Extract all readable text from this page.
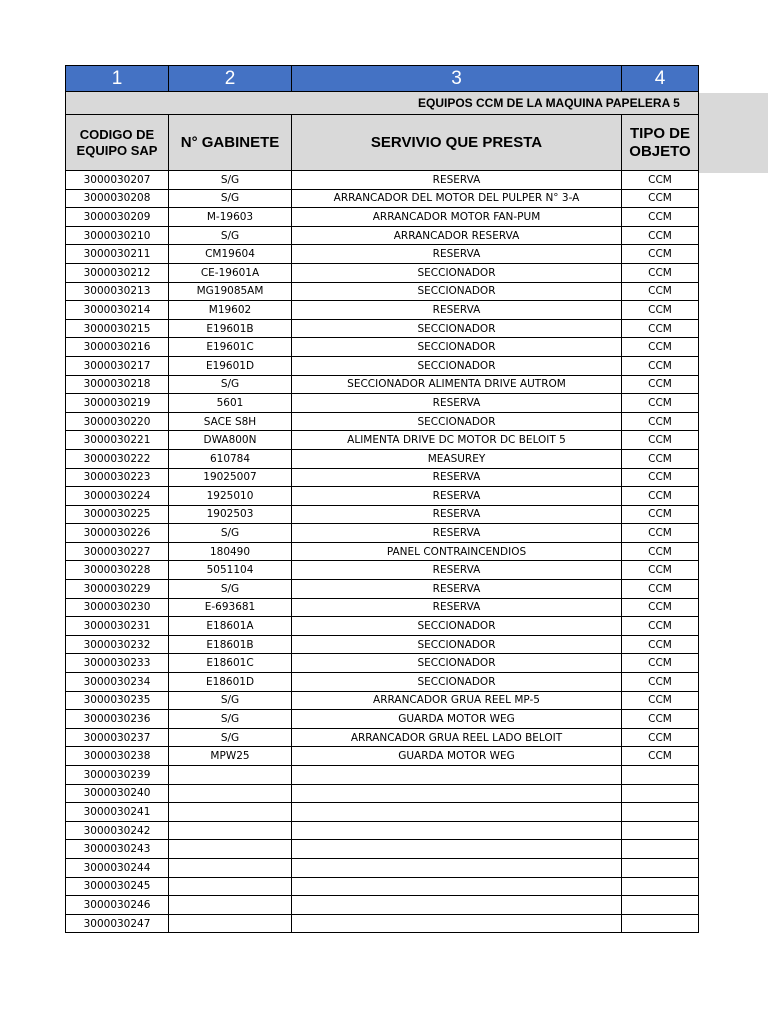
1	2	3	4

EQUIPOS CCM DE LA MAQUINA PAPELERA 5			

CODIGO DE EQUIPO SAP	N° GABINETE	SERVIVIO QUE PRESTA	TIPO DE OBJETO
3000030207	S/G	RESERVA	CCM
3000030208	S/G	ARRANCADOR DEL MOTOR DEL PULPER N° 3-A	CCM
3000030209	M-19603	ARRANCADOR MOTOR FAN-PUM	CCM
3000030210	S/G	ARRANCADOR RESERVA	CCM
3000030211	CM19604	RESERVA	CCM
3000030212	CE-19601A	SECCIONADOR	CCM
3000030213	MG19085AM	SECCIONADOR	CCM
3000030214	M19602	RESERVA	CCM
3000030215	E19601B	SECCIONADOR	CCM
3000030216	E19601C	SECCIONADOR	CCM
3000030217	E19601D	SECCIONADOR	CCM
3000030218	S/G	SECCIONADOR ALIMENTA DRIVE AUTROM	CCM
3000030219	5601	RESERVA	CCM
3000030220	SACE S8H	SECCIONADOR	CCM
3000030221	DWA800N	ALIMENTA DRIVE DC MOTOR DC BELOIT 5	CCM
3000030222	610784	MEASUREY	CCM
3000030223	19025007	RESERVA	CCM
3000030224	1925010	RESERVA	CCM
3000030225	1902503	RESERVA	CCM
3000030226	S/G	RESERVA	CCM
3000030227	180490	PANEL CONTRAINCENDIOS	CCM
3000030228	5051104	RESERVA	CCM
3000030229	S/G	RESERVA	CCM
3000030230	E-693681	RESERVA	CCM
3000030231	E18601A	SECCIONADOR	CCM
3000030232	E18601B	SECCIONADOR	CCM
3000030233	E18601C	SECCIONADOR	CCM
3000030234	E18601D	SECCIONADOR	CCM
3000030235	S/G	ARRANCADOR GRUA REEL MP-5	CCM
3000030236	S/G	GUARDA MOTOR WEG	CCM
3000030237	S/G	ARRANCADOR GRUA REEL LADO BELOIT	CCM
3000030238	MPW25	GUARDA MOTOR WEG	CCM
3000030239			
3000030240			
3000030241			
3000030242			
3000030243			
3000030244			
3000030245			
3000030246			
3000030247			
